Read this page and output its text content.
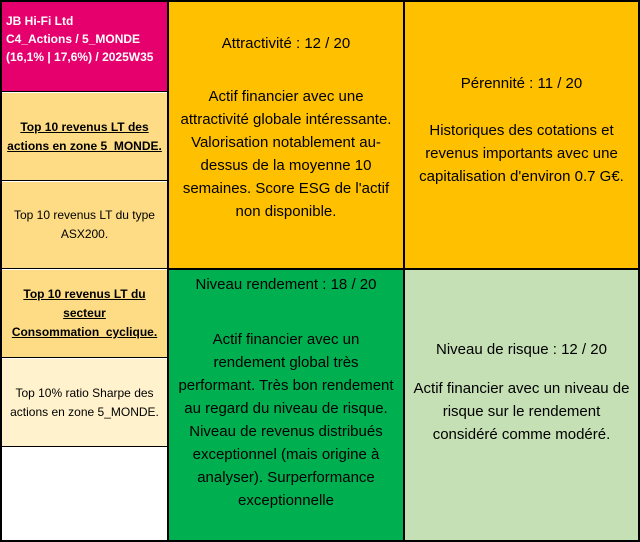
JB Hi-Fi Ltd
C4_Actions / 5_MONDE
(16,1% | 17,6%) / 2025W35
Top 10 revenus LT des actions en zone 5_MONDE.
Top 10 revenus LT du type ASX200.
Top 10 revenus LT du secteur Consommation_cyclique.
Top 10% ratio Sharpe des actions en zone 5_MONDE.
Attractivité : 12 / 20
Actif financier avec une attractivité globale intéressante. Valorisation notablement au-dessus de la moyenne 10 semaines. Score ESG de l'actif non disponible.
Pérennité : 11 / 20
Historiques des cotations et revenus importants avec une capitalisation d'environ 0.7 G€.
Niveau rendement : 18 / 20
Actif financier avec un rendement global très performant. Très bon rendement au regard du niveau de risque. Niveau de revenus distribués exceptionnel (mais origine à analyser). Surperformance exceptionnelle
Niveau de risque : 12 / 20
Actif financier avec un niveau de risque sur le rendement considéré comme modéré.
